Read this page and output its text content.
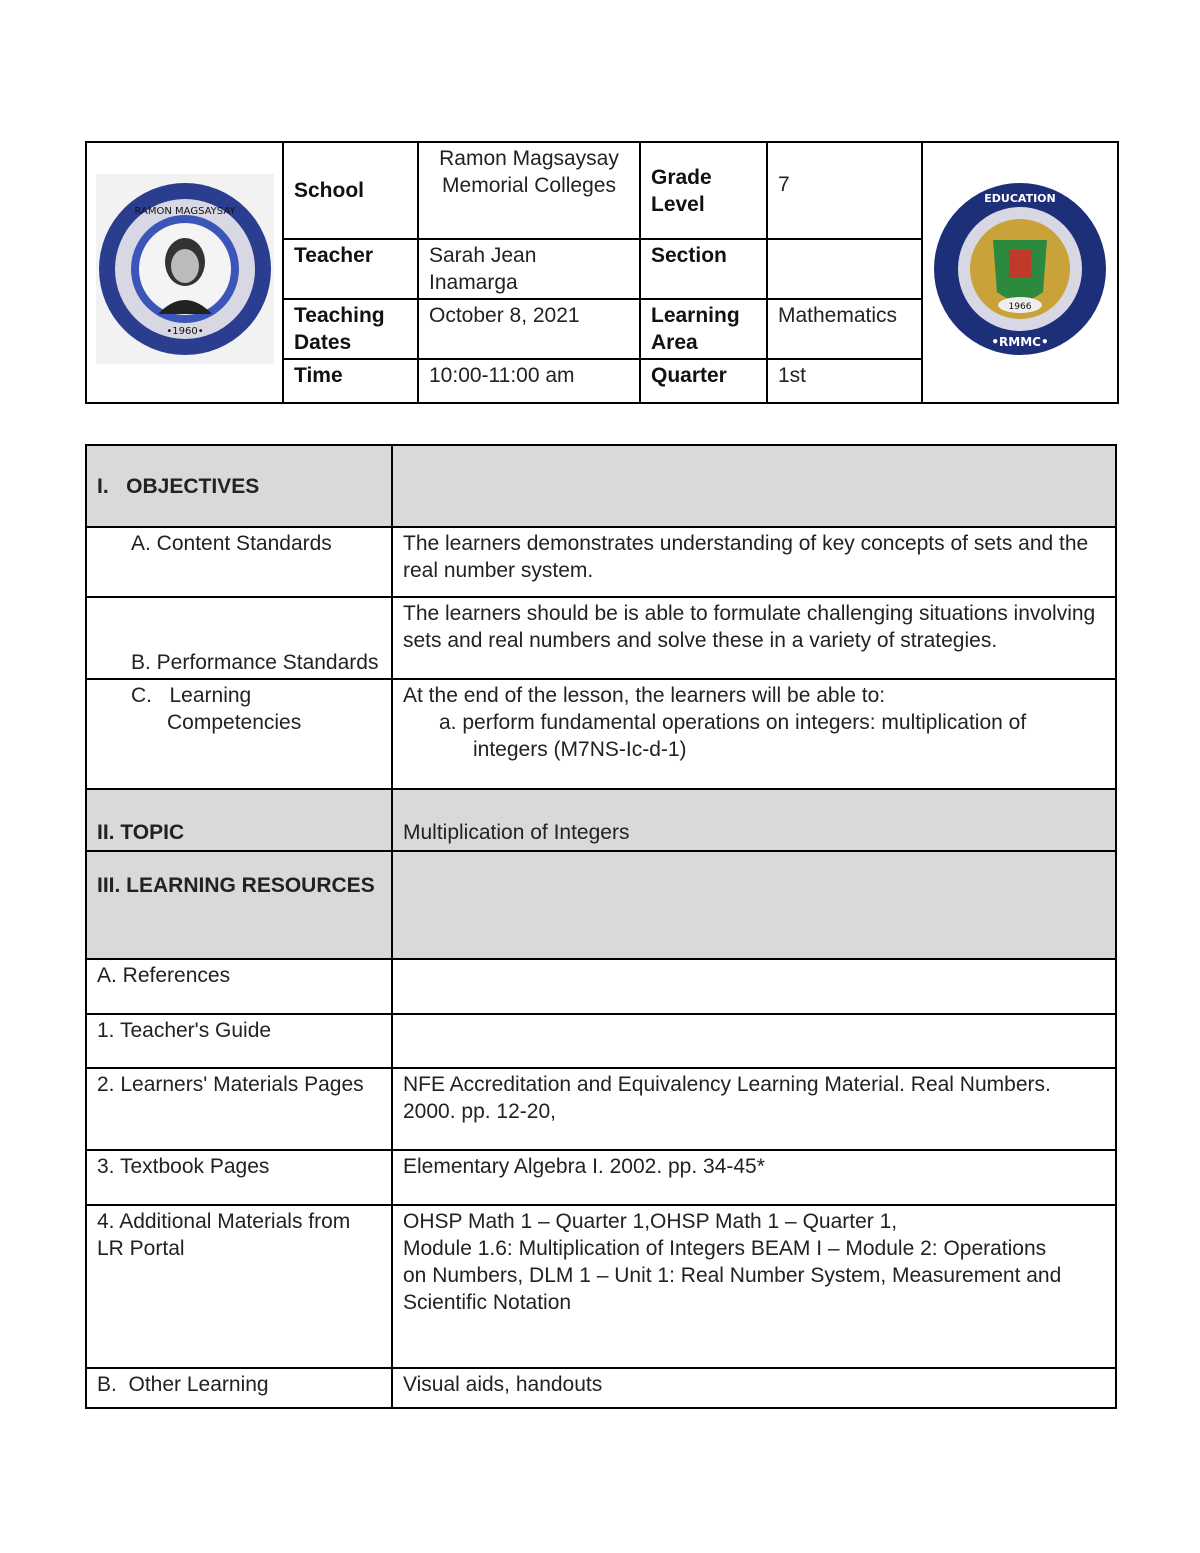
RAMON MAGSAYSAY
•1960•	School	Ramon Magsaysay Memorial Colleges	Grade Level	7	1966
EDUCATION
•RMMC•

	Teacher	Sarah Jean Inamarga	Section		
	Teaching Dates	October 8, 2021	Learning Area	Mathematics	
	Time	10:00-11:00 am	Quarter	1st	
I.   OBJECTIVES	
A. Content Standards	The learners demonstrates understanding of key concepts of sets and the real number system.

B. Performance Standards	The learners should be is able to formulate challenging situations involving sets and real numbers and solve these in a variety of strategies.

C.   Learning Competencies	At the end of the lesson, the learners will be able to:
a. perform fundamental operations on integers: multiplication of integers (M7NS-Ic-d-1)

II. TOPIC	Multiplication of Integers
III. LEARNING RESOURCES	
A. References	
1. Teacher's Guide	
2. Learners' Materials Pages	NFE Accreditation and Equivalency Learning Material. Real Numbers. 2000. pp. 12-20,
3. Textbook Pages	Elementary Algebra I. 2002. pp. 34-45*
4. Additional Materials from LR Portal	OHSP Math 1 – Quarter 1,OHSP Math 1 – Quarter 1,
Module 1.6: Multiplication of Integers BEAM I – Module 2: Operations
on Numbers, DLM 1 – Unit 1: Real Number System, Measurement and
Scientific Notation

B.  Other Learning	Visual aids, handouts
